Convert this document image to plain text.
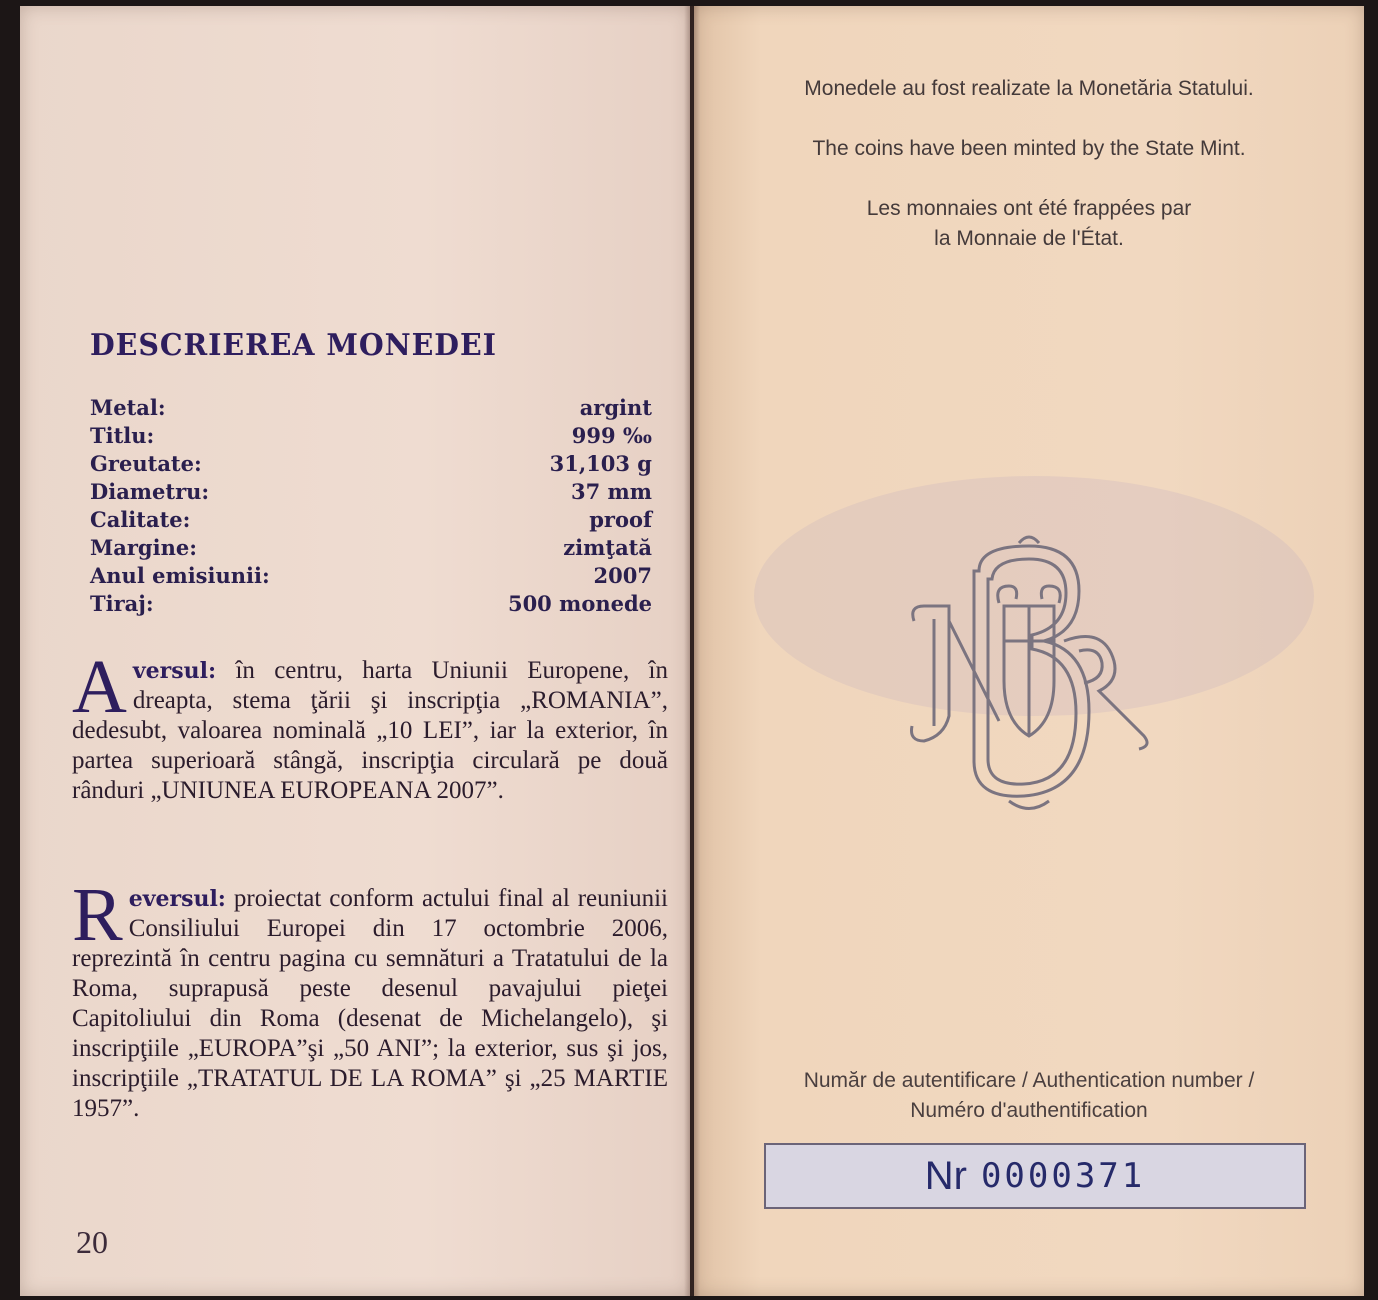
DESCRIEREA MONEDEI
Metal:	argint
Titlu:	999 ‰
Greutate:	31,103 g
Diametru:	37 mm
Calitate:	proof
Margine:	zimţată
Anul emisiunii:	2007
Tiraj:	500 monede
Aversul: în centru, harta Uniunii Europene, în dreapta, stema ţării şi inscripţia „ROMANIA”, dedesubt, valoarea nominală „10 LEI”, iar la exterior, în partea superioară stângă, inscripţia circulară pe două rânduri „UNIUNEA EUROPEANA 2007”.
Reversul: proiectat conform actului final al reuniunii Consiliului Europei din 17 octombrie 2006, reprezintă în centru pagina cu semnături a Tratatului de la Roma, suprapusă peste desenul pavajului pieţei Capitoliului din Roma (desenat de Michelangelo), şi inscripţiile „EUROPA”şi „50 ANI”; la exterior, sus şi jos, inscripţiile „TRATATUL DE LA ROMA” şi „25 MARTIE 1957”.
20
Monedele au fost realizate la Monetăria Statului.
The coins have been minted by the State Mint.
Les monnaies ont été frappées par
la Monnaie de l'État.
Număr de autentificare / Authentication number /
Numéro d'authentification
Nr 0000371
